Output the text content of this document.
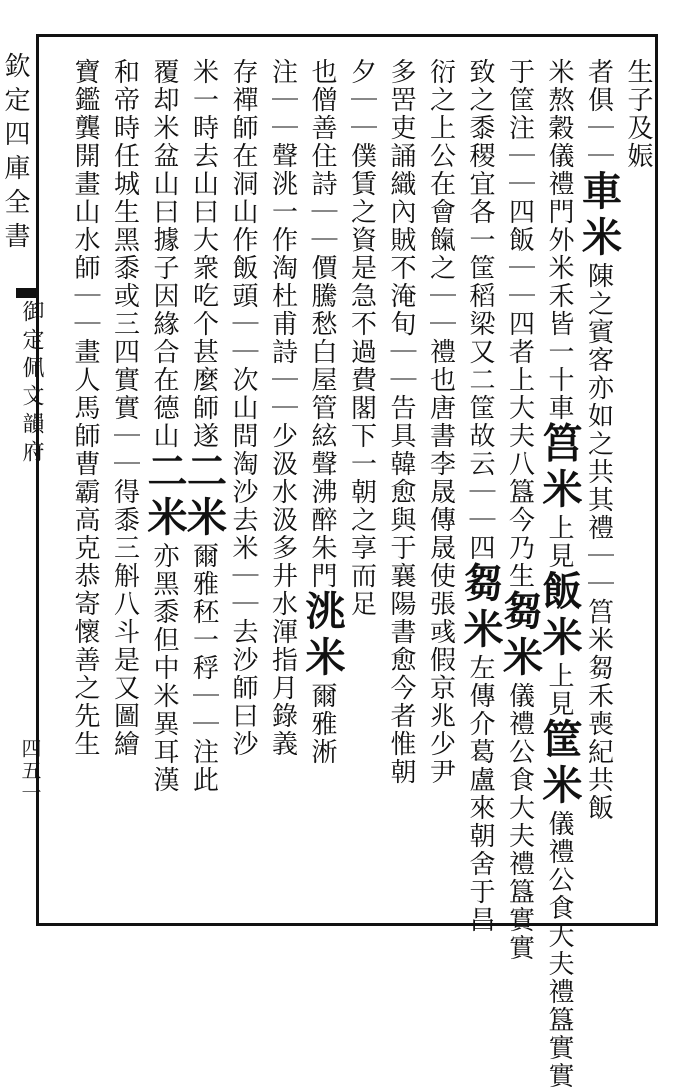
欽定四庫全書
御定佩文韻府
四五一
生子及娠
者俱｜｜車米陳之賓客亦如之共其禮｜｜筥米芻禾喪紀共飯
米熬穀儀禮門外米禾皆一十車筥米上見飯米上見筐米儀禮公食大夫禮簋實實
于筐注｜｜四飯｜｜四者上大夫八簋今乃生芻米儀禮公食大夫禮簋實實
致之黍稷宜各一筐稻梁又二筐故云｜｜四芻米左傳介葛盧來朝舍于昌
衍之上公在會餼之｜｜禮也唐書李晟傳晟使張彧假京兆少尹
多罟吏誦織內賊不淹旬｜｜告具韓愈與于襄陽書愈今者惟朝
夕｜｜僕賃之資是急不過費閣下一朝之享而足
也僧善住詩｜｜價騰愁白屋管絃聲沸醉朱門洮米爾雅淅
注｜｜聲洮一作淘杜甫詩｜｜少汲水汲多井水渾指月錄義
存禪師在洞山作飯頭｜｜次山問淘沙去米｜｜去沙師曰沙
米一時去山曰大衆吃个甚麼師遂二米爾雅秠一稃｜｜注此
覆却米盆山曰據子因緣合在德山二米亦黑黍但中米異耳漢
和帝時任城生黑黍或三四實實｜｜得黍三斛八斗是又圖繪
寶鑑龔開畫山水師｜｜畫人馬師曹霸高克恭寄懷善之先生
